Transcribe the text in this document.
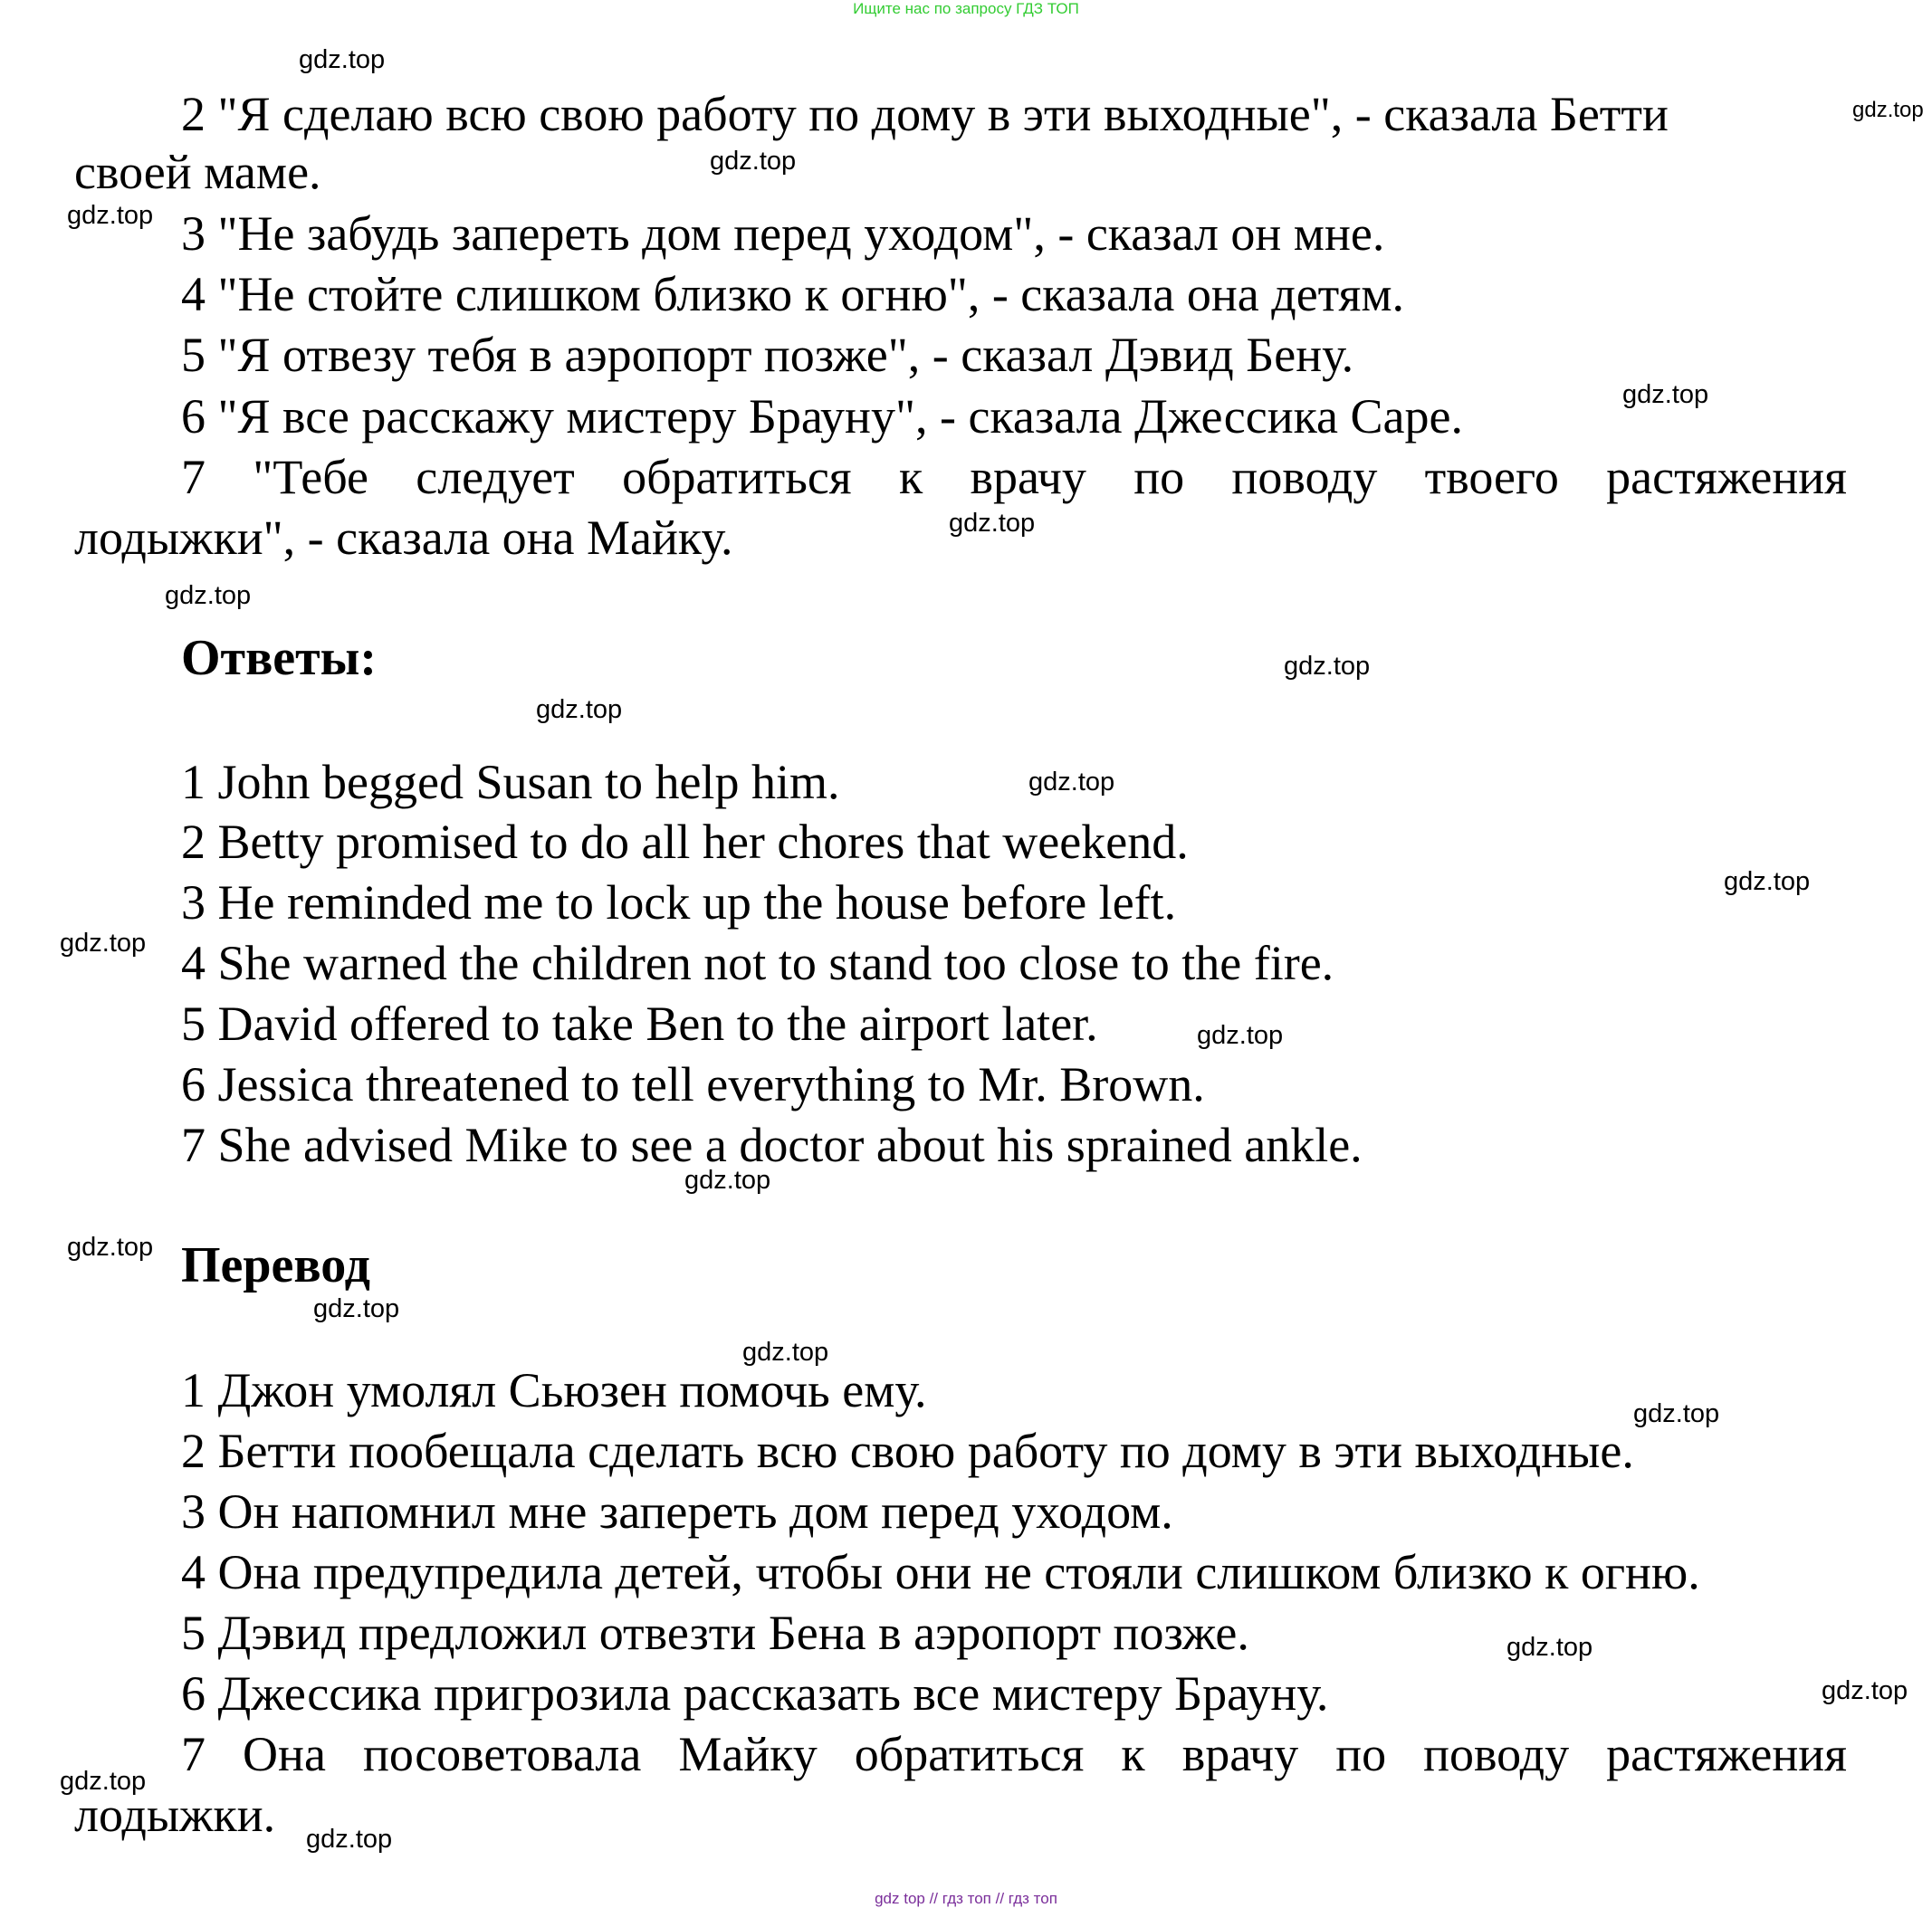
Ищите нас по запросу ГДЗ ТОП
2 "Я сделаю всю свою работу по дому в эти выходные", - сказала Бетти
своей маме.
3 "Не забудь запереть дом перед уходом", - сказал он мне.
4 "Не стойте слишком близко к огню", - сказала она детям.
5 "Я отвезу тебя в аэропорт позже", - сказал Дэвид Бену.
6 "Я все расскажу мистеру Брауну", - сказала Джессика Саре.
7 "Тебе следует обратиться к врачу по поводу твоего растяжения
лодыжки", - сказала она Майку.
Ответы:
1 John begged Susan to help him.
2 Betty promised to do all her chores that weekend.
3 He reminded me to lock up the house before left.
4 She warned the children not to stand too close to the fire.
5 David offered to take Ben to the airport later.
6 Jessica threatened to tell everything to Mr. Brown.
7 She advised Mike to see a doctor about his sprained ankle.
Перевод
1 Джон умолял Сьюзен помочь ему.
2 Бетти пообещала сделать всю свою работу по дому в эти выходные.
3 Он напомнил мне запереть дом перед уходом.
4 Она предупредила детей, чтобы они не стояли слишком близко к огню.
5 Дэвид предложил отвезти Бена в аэропорт позже.
6 Джессика пригрозила рассказать все мистеру Брауну.
7 Она посоветовала Майку обратиться к врачу по поводу растяжения
лодыжки.
gdz.top
gdz.top
gdz.top
gdz.top
gdz.top
gdz.top
gdz.top
gdz.top
gdz.top
gdz.top
gdz.top
gdz.top
gdz.top
gdz.top
gdz.top
gdz.top
gdz.top
gdz.top
gdz.top
gdz.top
gdz.top
gdz.top
gdz top // гдз топ // гдз топ
